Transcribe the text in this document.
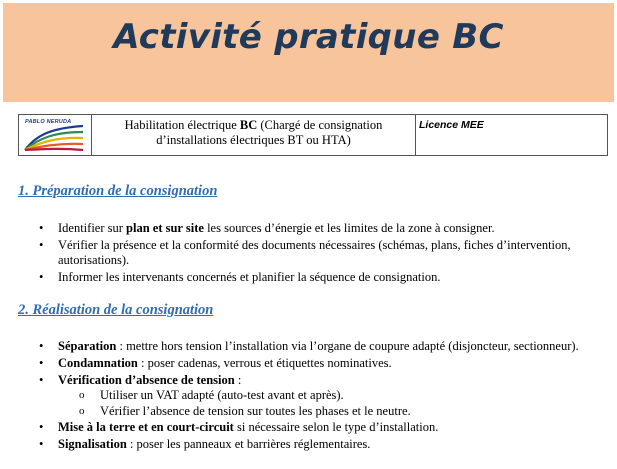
Activité pratique BC
PABLO NERUDA	Habilitation électrique BC (Chargé de consignation d’installations électriques BT ou HTA)	Licence MEE
1. Préparation de la consignation
• Identifier sur plan et sur site les sources d’énergie et les limites de la zone à consigner.
• Vérifier la présence et la conformité des documents nécessaires (schémas, plans, fiches d’intervention, autorisations).
• Informer les intervenants concernés et planifier la séquence de consignation.
2. Réalisation de la consignation
• Séparation : mettre hors tension l’installation via l’organe de coupure adapté (disjoncteur, sectionneur).
• Condamnation : poser cadenas, verrous et étiquettes nominatives.
• Vérification d’absence de tension :
o Utiliser un VAT adapté (auto-test avant et après).
o Vérifier l’absence de tension sur toutes les phases et le neutre.
• Mise à la terre et en court-circuit si nécessaire selon le type d’installation.
• Signalisation : poser les panneaux et barrières réglementaires.
